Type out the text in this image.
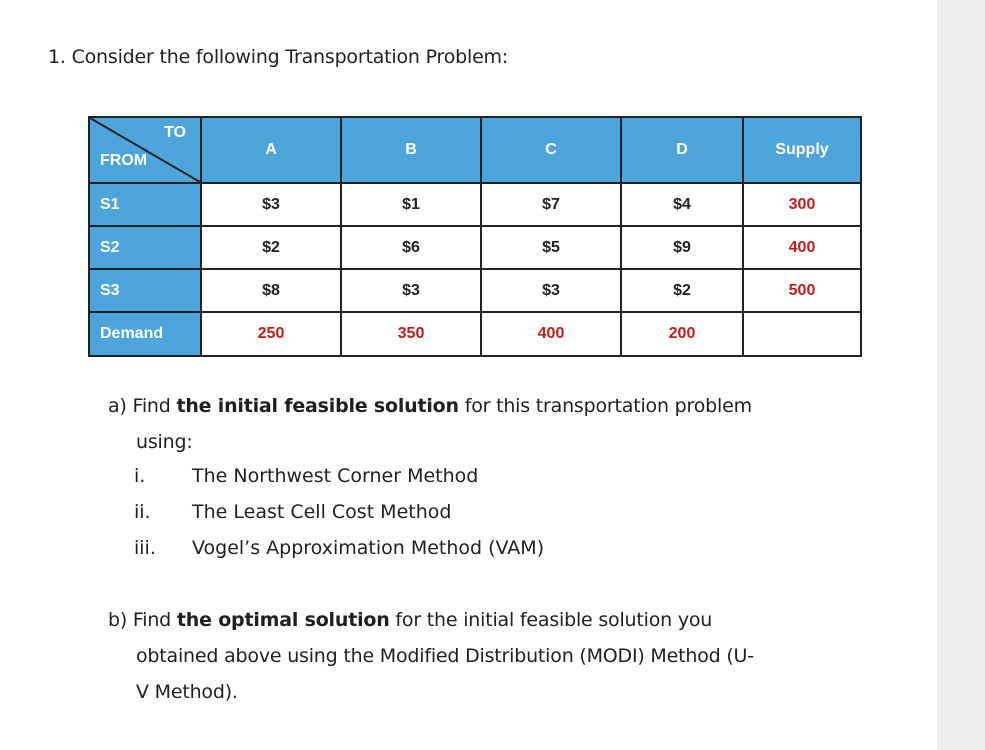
1. Consider the following Transportation Problem:
TO
FROM	A	B	C	D	Supply
S1	$3	$1	$7	$4	300
S2	$2	$6	$5	$9	400
S3	$8	$3	$3	$2	500
Demand	250	350	400	200	
a) Find the initial feasible solution for this transportation problem
using:
i. The Northwest Corner Method
ii. The Least Cell Cost Method
iii. Vogel’s Approximation Method (VAM)
b) Find the optimal solution for the initial feasible solution you
obtained above using the Modified Distribution (MODI) Method (U-
V Method).
